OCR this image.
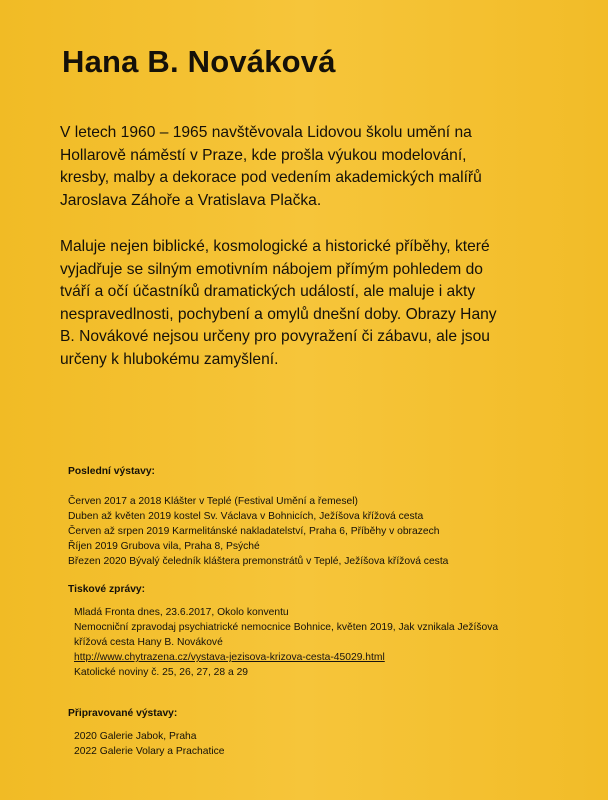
Hana B. Nováková
V letech 1960 – 1965 navštěvovala Lidovou školu umění na
Hollarově náměstí v Praze, kde prošla výukou modelování,
kresby, malby a dekorace pod vedením akademických malířů
Jaroslava Záhoře a Vratislava Plačka.
Maluje nejen biblické, kosmologické a historické příběhy, které
vyjadřuje se silným emotivním nábojem přímým pohledem do
tváří a očí účastníků dramatických událostí, ale maluje i akty
nespravedlnosti, pochybení a omylů dnešní doby. Obrazy Hany
B. Novákové nejsou určeny pro povyražení či zábavu, ale jsou
určeny k hlubokému zamyšlení.
Poslední výstavy:
Červen 2017 a 2018 Klášter v Teplé (Festival Umění a řemesel)
Duben až květen 2019 kostel Sv. Václava v Bohnicích, Ježíšova křížová cesta
Červen až srpen 2019 Karmelitánské nakladatelství, Praha 6, Příběhy v obrazech
Říjen 2019 Grubova vila, Praha 8, Psýché
Březen 2020 Bývalý čeledník kláštera premonstrátů v Teplé, Ježíšova křížová cesta
Tiskové zprávy:
Mladá Fronta dnes, 23.6.2017, Okolo konventu
Nemocniční zpravodaj psychiatrické nemocnice Bohnice, květen 2019, Jak vznikala Ježíšova
křížová cesta Hany B. Novákové
http://www.chytrazena.cz/vystava-jezisova-krizova-cesta-45029.html
Katolické noviny č. 25, 26, 27, 28 a 29
Připravované výstavy:
2020 Galerie Jabok, Praha
2022 Galerie Volary a Prachatice
